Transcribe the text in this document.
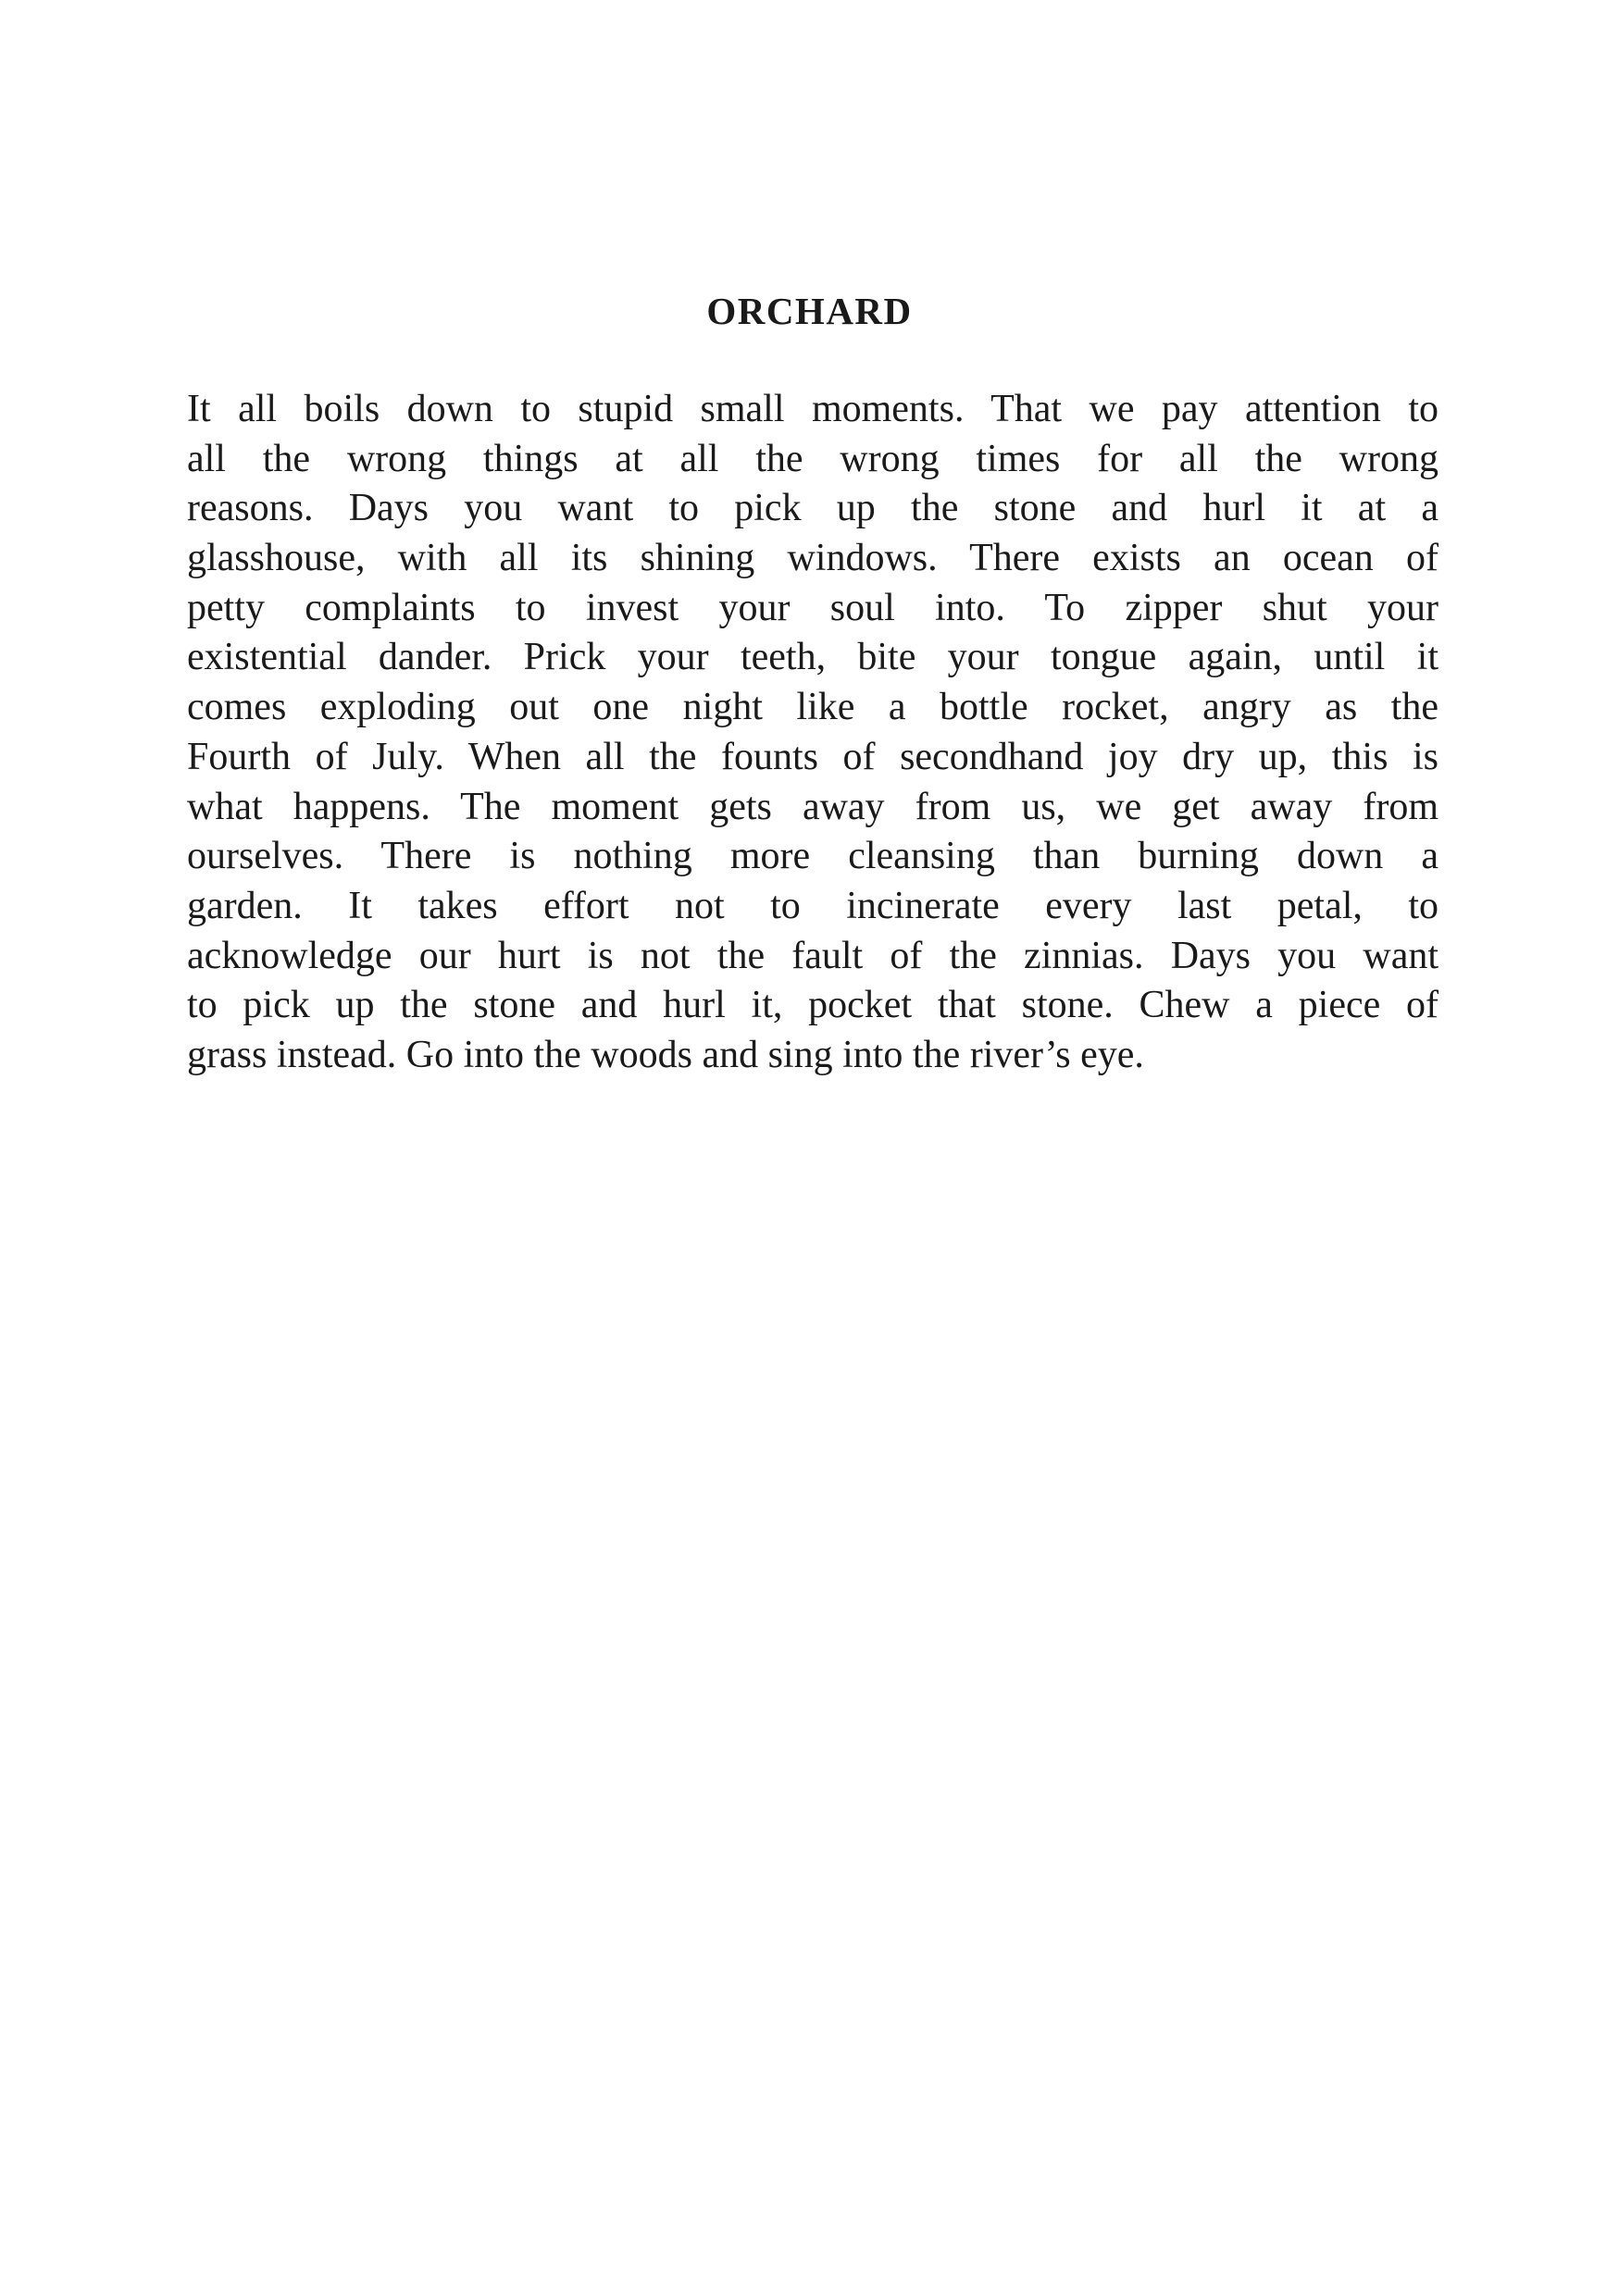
ORCHARD
It all boils down to stupid small moments. That we pay attention to
all the wrong things at all the wrong times for all the wrong
reasons. Days you want to pick up the stone and hurl it at a
glasshouse, with all its shining windows. There exists an ocean of
petty complaints to invest your soul into. To zipper shut your
existential dander. Prick your teeth, bite your tongue again, until it
comes exploding out one night like a bottle rocket, angry as the
Fourth of July. When all the founts of secondhand joy dry up, this is
what happens. The moment gets away from us, we get away from
ourselves. There is nothing more cleansing than burning down a
garden. It takes effort not to incinerate every last petal, to
acknowledge our hurt is not the fault of the zinnias. Days you want
to pick up the stone and hurl it, pocket that stone. Chew a piece of
grass instead. Go into the woods and sing into the river’s eye.
